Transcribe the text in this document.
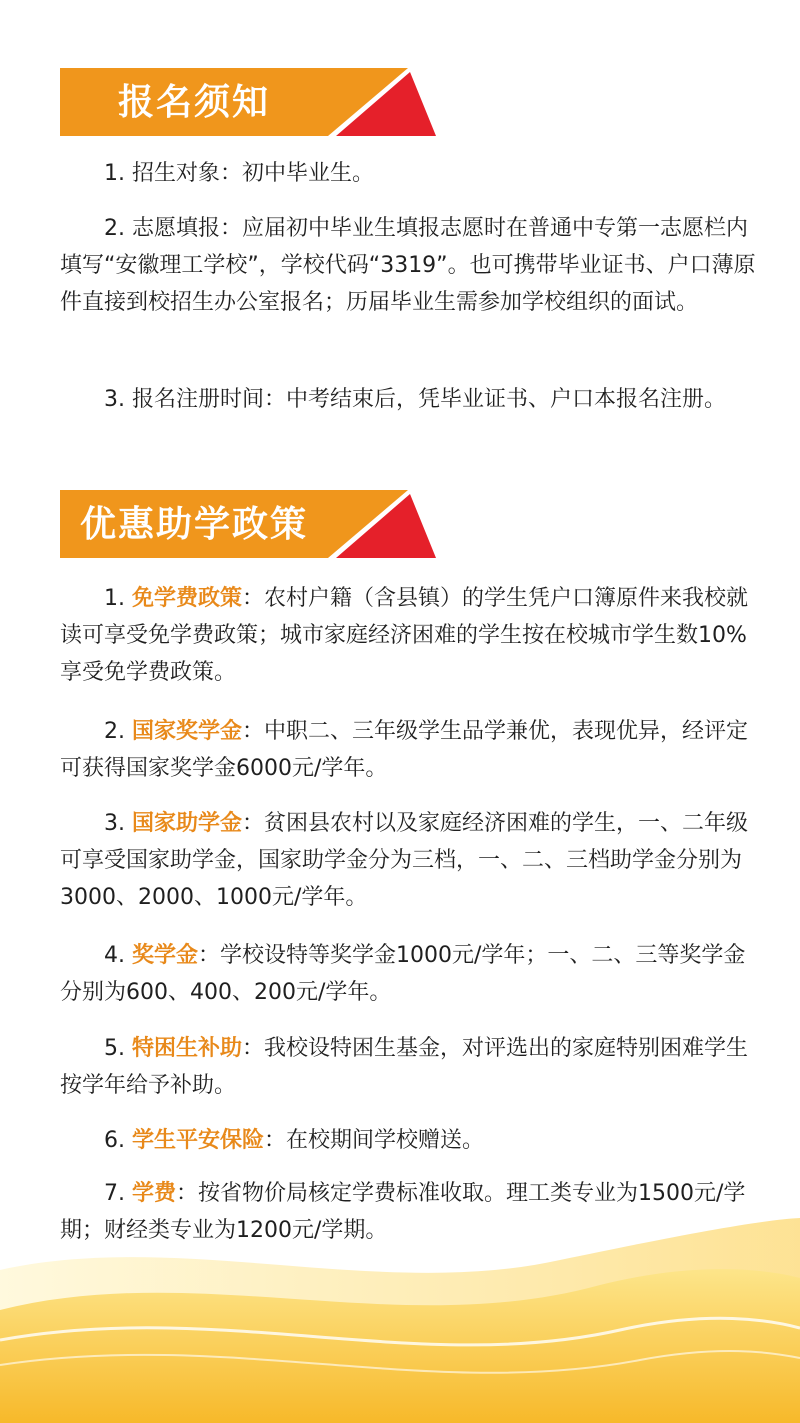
报名须知

1. 招生对象：初中毕业生。

2. 志愿填报：应届初中毕业生填报志愿时在普通中专第一志愿栏内填写“安徽理工学校”，学校代码“3319”。也可携带毕业证书、户口薄原件直接到校招生办公室报名；历届毕业生需参加学校组织的面试。

3. 报名注册时间：中考结束后，凭毕业证书、户口本报名注册。

优惠助学政策

1. 免学费政策：农村户籍（含县镇）的学生凭户口簿原件来我校就读可享受免学费政策；城市家庭经济困难的学生按在校城市学生数10%享受免学费政策。

2. 国家奖学金：中职二、三年级学生品学兼优，表现优异，经评定可获得国家奖学金6000元/学年。

3. 国家助学金：贫困县农村以及家庭经济困难的学生，一、二年级可享受国家助学金，国家助学金分为三档，一、二、三档助学金分别为3000、2000、1000元/学年。

4. 奖学金：学校设特等奖学金1000元/学年；一、二、三等奖学金分别为600、400、200元/学年。

5. 特困生补助：我校设特困生基金，对评选出的家庭特别困难学生按学年给予补助。

6. 学生平安保险：在校期间学校赠送。

7. 学费：按省物价局核定学费标准收取。理工类专业为1500元/学期；财经类专业为1200元/学期。
